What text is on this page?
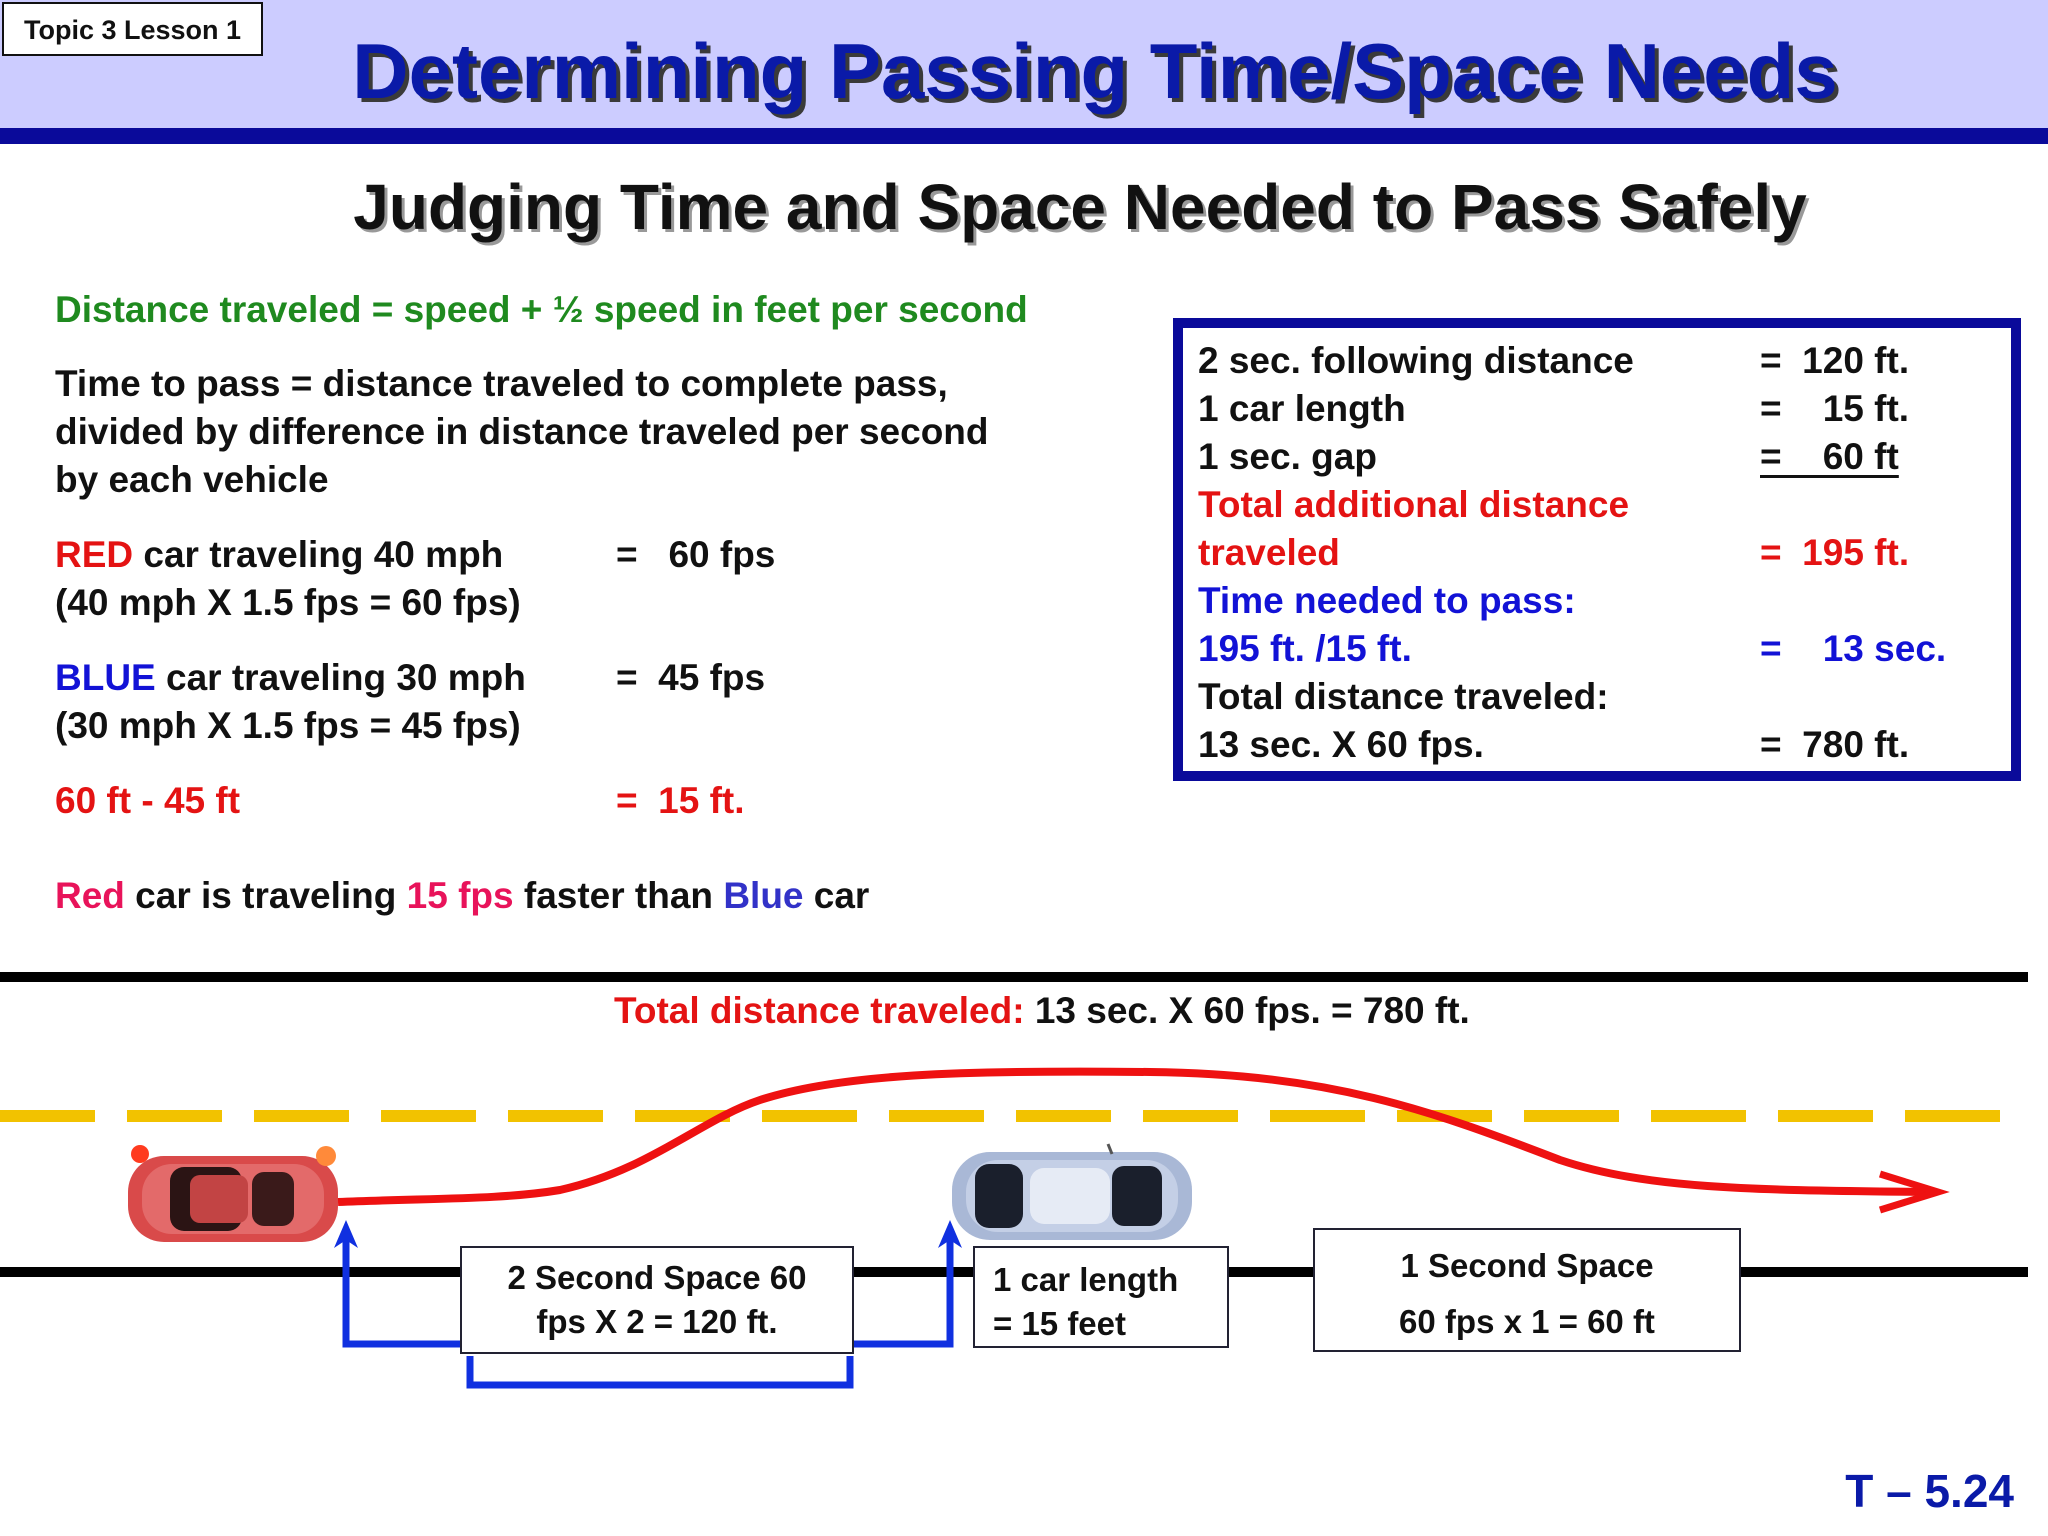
Topic 3 Lesson 1	Determining Passing Time/Space Needs
Judging Time and Space Needed to Pass Safely
Distance traveled = speed + ½ speed in feet per second
Time to pass = distance traveled to complete pass,
divided by difference in distance traveled per second
by each vehicle
RED car traveling 40 mph	=   60 fps
(40 mph X 1.5 fps = 60 fps)
BLUE car traveling 30 mph =  45 fps
(30 mph X 1.5 fps = 45 fps)
60 ft - 45 ft	=  15 ft.
Red car is traveling 15 fps faster than Blue car
2 sec. following distance	=  120 ft.
1 car length	=    15 ft.
1 sec. gap	=    60 ft
Total additional distance
traveled	=  195 ft.
Time needed to pass:
195 ft. /15 ft.	=    13 sec.
Total distance traveled:
13 sec. X 60 fps.	=  780 ft.
Total distance traveled: 13 sec. X 60 fps. = 780 ft.
2 Second Space 60
fps X 2 = 120 ft.
1 car length
= 15 feet
1 Second Space
60 fps x 1 = 60 ft
T – 5.24
